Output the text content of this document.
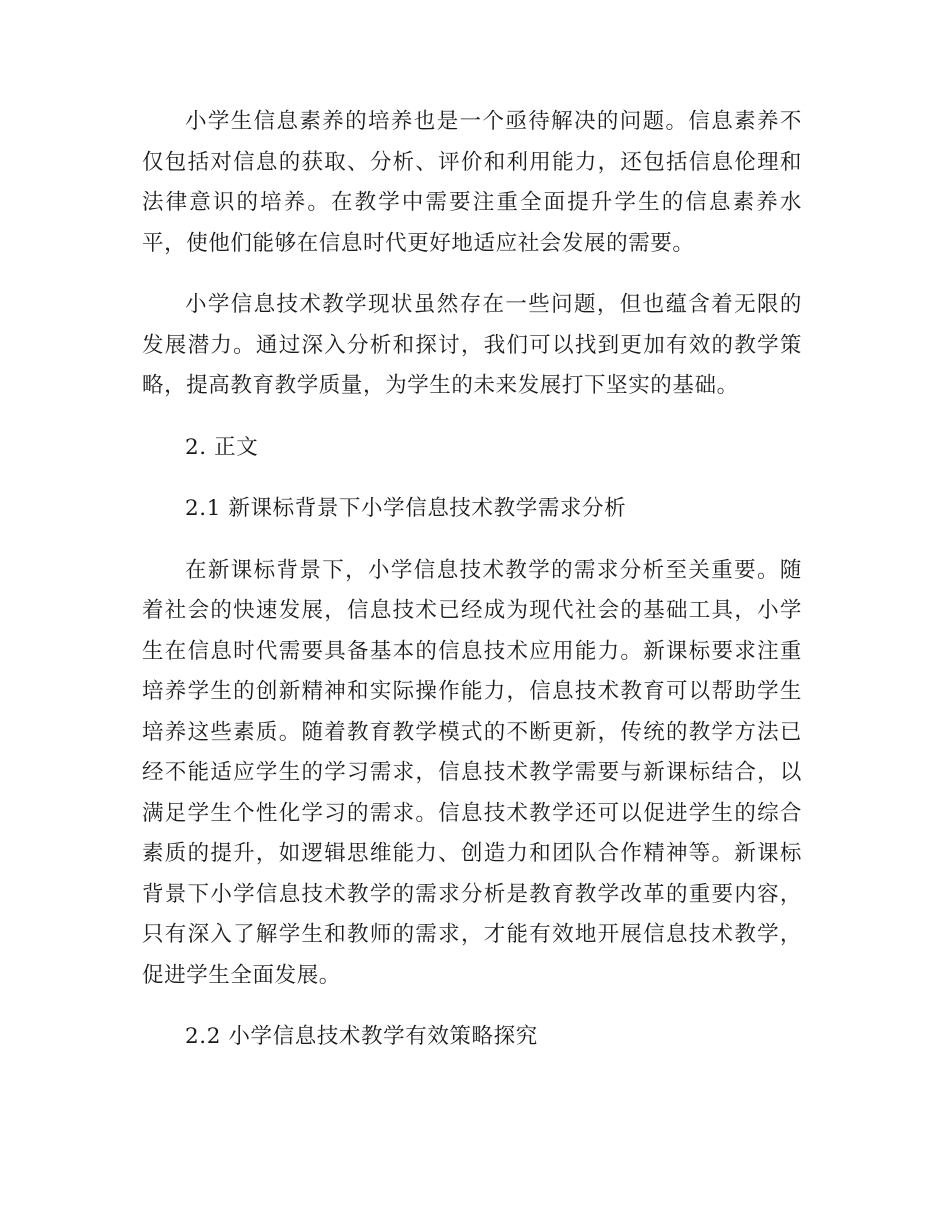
小学生信息素养的培养也是一个亟待解决的问题。信息素养不仅包括对信息的获取、分析、评价和利用能力，还包括信息伦理和法律意识的培养。在教学中需要注重全面提升学生的信息素养水平，使他们能够在信息时代更好地适应社会发展的需要。

小学信息技术教学现状虽然存在一些问题，但也蕴含着无限的发展潜力。通过深入分析和探讨，我们可以找到更加有效的教学策略，提高教育教学质量，为学生的未来发展打下坚实的基础。

2. 正文

2.1 新课标背景下小学信息技术教学需求分析

在新课标背景下，小学信息技术教学的需求分析至关重要。随着社会的快速发展，信息技术已经成为现代社会的基础工具，小学生在信息时代需要具备基本的信息技术应用能力。新课标要求注重培养学生的创新精神和实际操作能力，信息技术教育可以帮助学生培养这些素质。随着教育教学模式的不断更新，传统的教学方法已经不能适应学生的学习需求，信息技术教学需要与新课标结合，以满足学生个性化学习的需求。信息技术教学还可以促进学生的综合素质的提升，如逻辑思维能力、创造力和团队合作精神等。新课标背景下小学信息技术教学的需求分析是教育教学改革的重要内容，只有深入了解学生和教师的需求，才能有效地开展信息技术教学，促进学生全面发展。

2.2 小学信息技术教学有效策略探究
